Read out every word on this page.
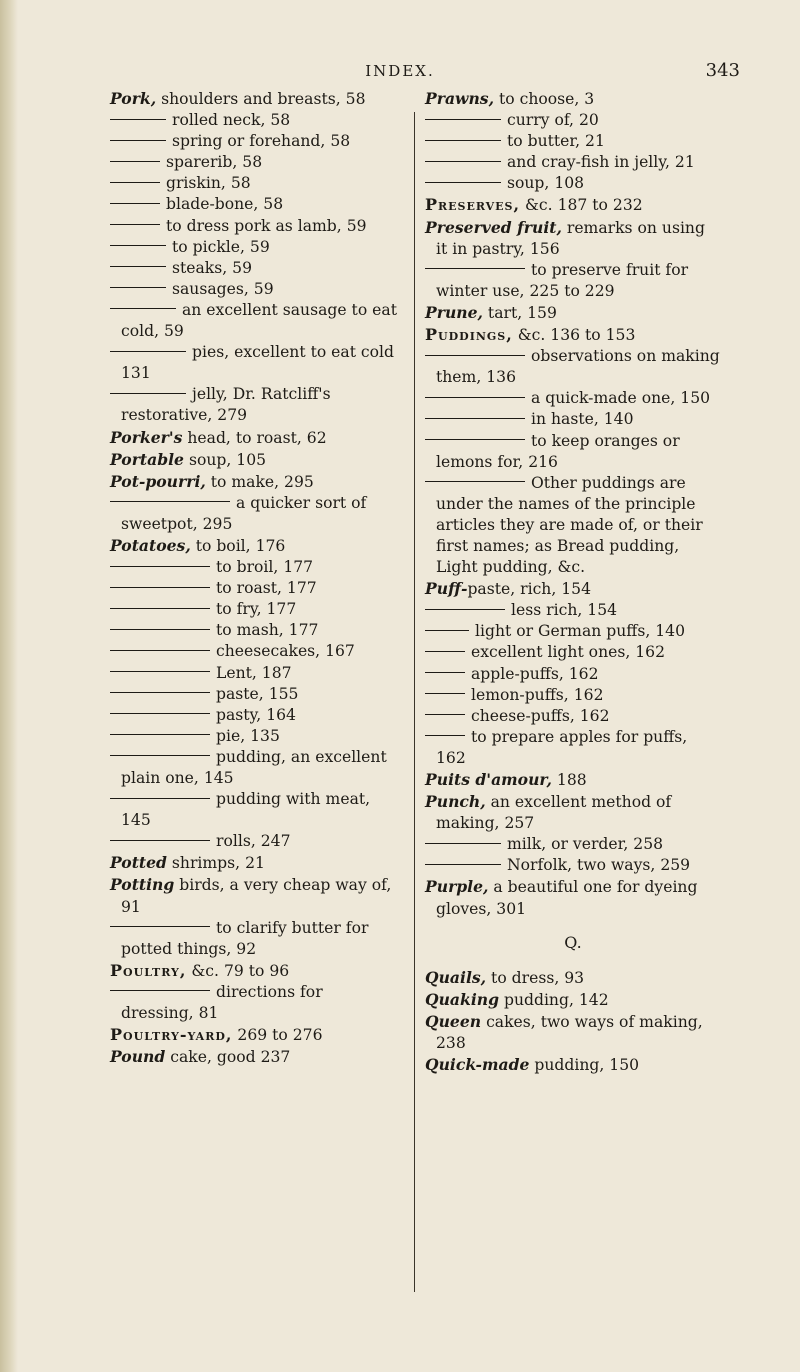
INDEX.	343
Pork, shoulders and breasts, 58
rolled neck, 58
spring or forehand, 58
sparerib, 58
griskin, 58
blade-bone, 58
to dress pork as lamb, 59
to pickle, 59
steaks, 59
sausages, 59
an excellent sausage to eat cold, 59
pies, excellent to eat cold 131
jelly, Dr. Ratcliff's restorative, 279
Porker's head, to roast, 62
Portable soup, 105
Pot-pourri, to make, 295
a quicker sort of sweetpot, 295
Potatoes, to boil, 176
to broil, 177
to roast, 177
to fry, 177
to mash, 177
cheesecakes, 167
Lent, 187
paste, 155
pasty, 164
pie, 135
pudding, an excellent plain one, 145
pudding with meat, 145
rolls, 247
Potted shrimps, 21
Potting birds, a very cheap way of, 91
to clarify butter for potted things, 92
Poultry, &c. 79 to 96
directions for dressing, 81
Poultry-yard, 269 to 276
Pound cake, good 237
Prawns, to choose, 3
curry of, 20
to butter, 21
and cray-fish in jelly, 21
soup, 108
Preserves, &c. 187 to 232
Preserved fruit, remarks on using it in pastry, 156
to preserve fruit for winter use, 225 to 229
Prune, tart, 159
Puddings, &c. 136 to 153
observations on making them, 136
a quick-made one, 150
in haste, 140
to keep oranges or lemons for, 216
Other puddings are under the names of the principle articles they are made of, or their first names; as Bread pudding, Light pudding, &c.
Puff-paste, rich, 154
less rich, 154
light or German puffs, 140
excellent light ones, 162
apple-puffs, 162
lemon-puffs, 162
cheese-puffs, 162
to prepare apples for puffs, 162
Puits d'amour, 188
Punch, an excellent method of making, 257
milk, or verder, 258
Norfolk, two ways, 259
Purple, a beautiful one for dyeing gloves, 301
Q.
Quails, to dress, 93
Quaking pudding, 142
Queen cakes, two ways of making, 238
Quick-made pudding, 150
